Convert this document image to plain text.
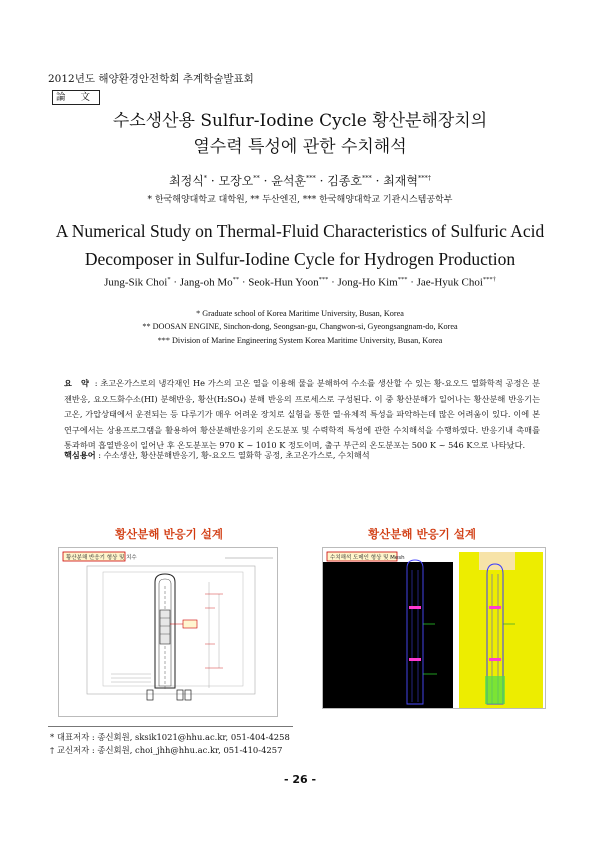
2012년도 해양환경안전학회 추계학술발표회
論 文
수소생산용 Sulfur-Iodine Cycle 황산분해장치의
열수력 특성에 관한 수치해석
최정식* · 모장오** · 윤석훈*** · 김종호*** · 최재혁***†
* 한국해양대학교 대학원, ** 두산엔진, *** 한국해양대학교 기관시스템공학부
A Numerical Study on Thermal-Fluid Characteristics of Sulfuric Acid
Decomposer in Sulfur-Iodine Cycle for Hydrogen Production
Jung-Sik Choi* · Jang-oh Mo** · Seok-Hun Yoon*** · Jong-Ho Kim*** · Jae-Hyuk Choi***†
* Graduate school of Korea Maritime University, Busan, Korea
** DOOSAN ENGINE, Sinchon-dong, Seongsan-gu, Changwon-si, Gyeongsangnam-do, Korea
*** Division of Marine Engineering System Korea Maritime University, Busan, Korea
요 약 : 초고온가스로의 냉각재인 He 가스의 고온 열을 이용해 물을 분해하여 수소를 생산할 수 있는 황-요오드 열화학적 공정은 분젠반응, 요오드화수소(HI) 분해반응, 황산(H₂SO₄) 분해 반응의 프로세스로 구성된다. 이 중 황산분해가 일어나는 황산분해 반응기는 고온, 가압상태에서 운전되는 등 다루기가 매우 어려운 장치로 실험을 통한 열·유체적 특성을 파악하는데 많은 어려움이 있다. 이에 본 연구에서는 상용프로그램을 활용하여 황산분해반응기의 온도분포 및 수력학적 특성에 관한 수치해석을 수행하였다. 반응기내 촉매를 통과하며 흡열반응이 일어난 후 온도분포는 970 K ~ 1010 K 정도이며, 출구 부근의 온도분포는 500 K ~ 546 K으로 나타났다.
핵심용어 : 수소생산, 황산분해반응기, 황-요오드 열화학 공정, 초고온가스로, 수치해석
황산분해 반응기 설계	황산분해 반응기 설계
황산분해 반응기 형상 및 치수	수치해석 도메인 형상 및 Mesh
* 대표저자 : 종신회원, sksik1021@hhu.ac.kr, 051-404-4258
† 교신저자 : 종신회원, choi_jhh@hhu.ac.kr, 051-410-4257
- 26 -
